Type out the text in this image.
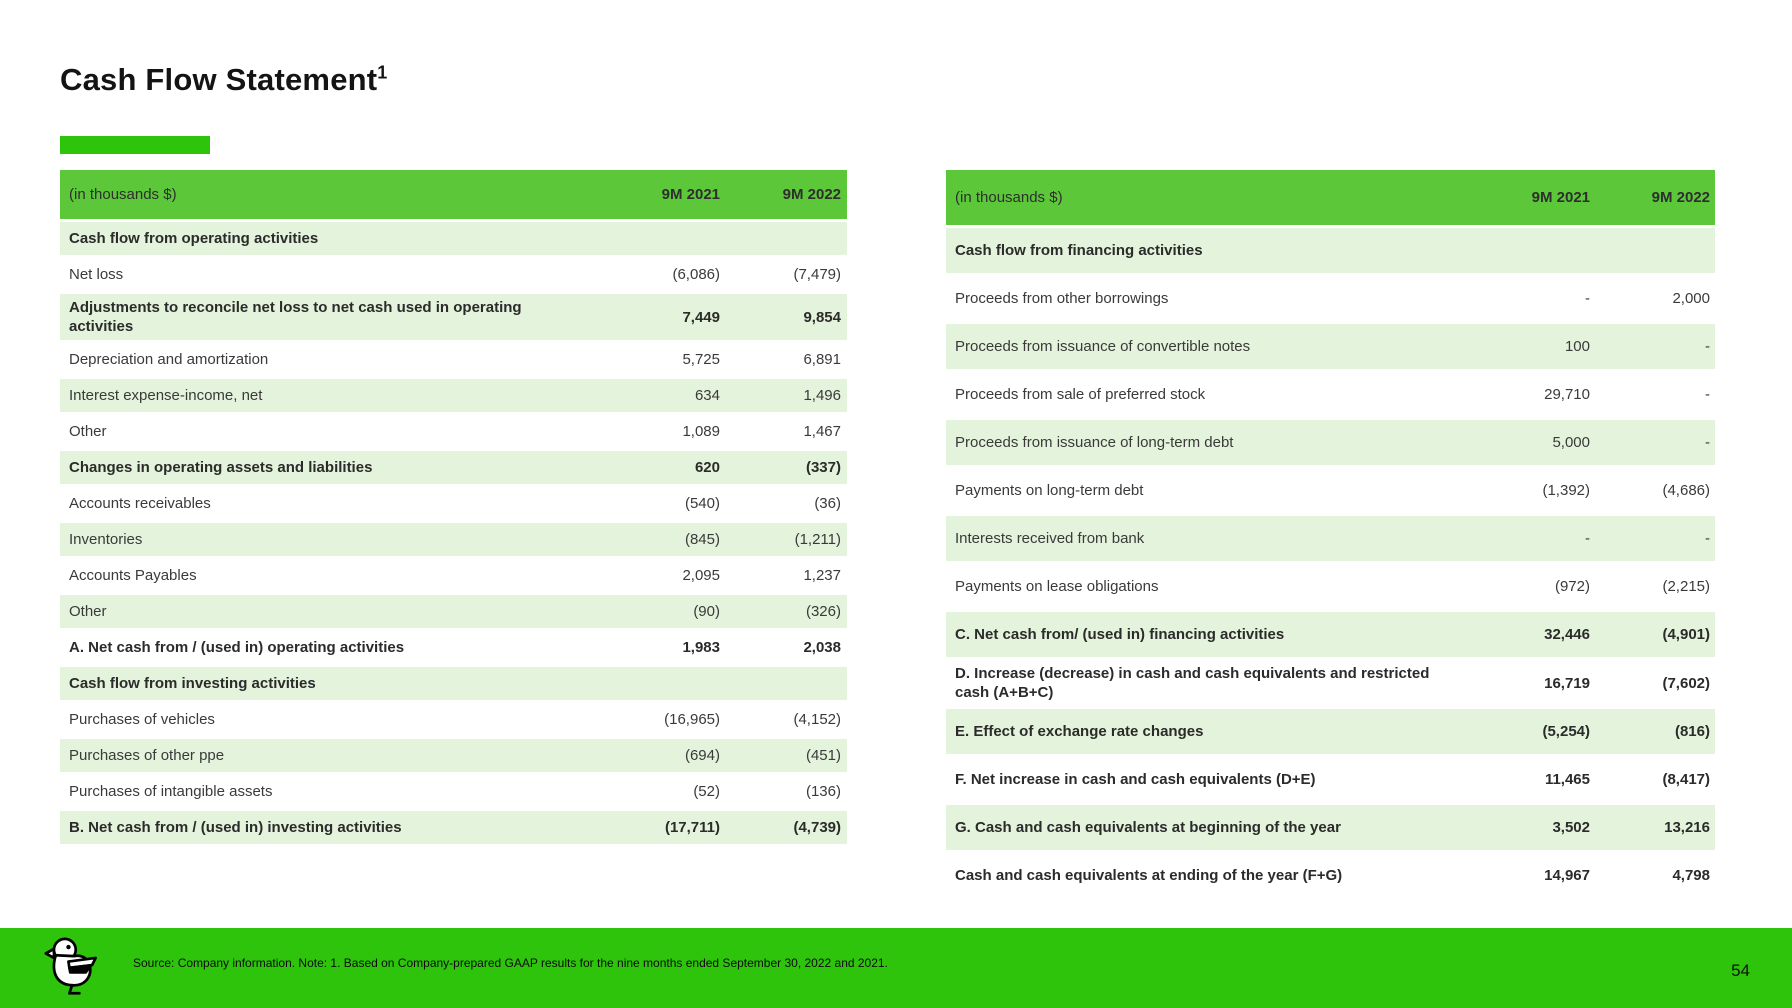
Cash Flow Statement$^1$
(in thousands $)	9M 2021	9M 2022
Cash flow from operating activities
Net loss	(6,086)	(7,479)
Adjustments to reconcile net loss to net cash used in operating activities
7,449	9,854
Depreciation and amortization	5,725	6,891
Interest expense-income, net	634	1,496
Other	1,089	1,467
Changes in operating assets and liabilities	620	(337)
Accounts receivables	(540)	(36)
Inventories	(845)	(1,211)
Accounts Payables	2,095	1,237
Other	(90)	(326)
A. Net cash from / (used in) operating activities	1,983	2,038
Cash flow from investing activities
Purchases of vehicles	(16,965)	(4,152)
Purchases of other ppe	(694)	(451)
Purchases of intangible assets	(52)	(136)
B. Net cash from / (used in) investing activities	(17,711)	(4,739)
(in thousands $)	9M 2021	9M 2022
Cash flow from financing activities
Proceeds from other borrowings	-	2,000
Proceeds from issuance of convertible notes	100	-
Proceeds from sale of preferred stock	29,710	-
Proceeds from issuance of long-term debt	5,000	-
Payments on long-term debt	(1,392)	(4,686)
Interests received from bank	-	-
Payments on lease obligations	(972)	(2,215)
C. Net cash from/ (used in) financing activities	32,446	(4,901)
D. Increase (decrease) in cash and cash equivalents and restricted cash (A+B+C)
16,719	(7,602)
E. Effect of exchange rate changes	(5,254)	(816)
F. Net increase in cash and cash equivalents (D+E)	11,465	(8,417)
G. Cash and cash equivalents at beginning of the year	3,502	13,216
Cash and cash equivalents at ending of the year (F+G)	14,967	4,798
Source: Company information. Note: 1. Based on Company-prepared GAAP results for the nine months ended September 30, 2022 and 2021.	54
